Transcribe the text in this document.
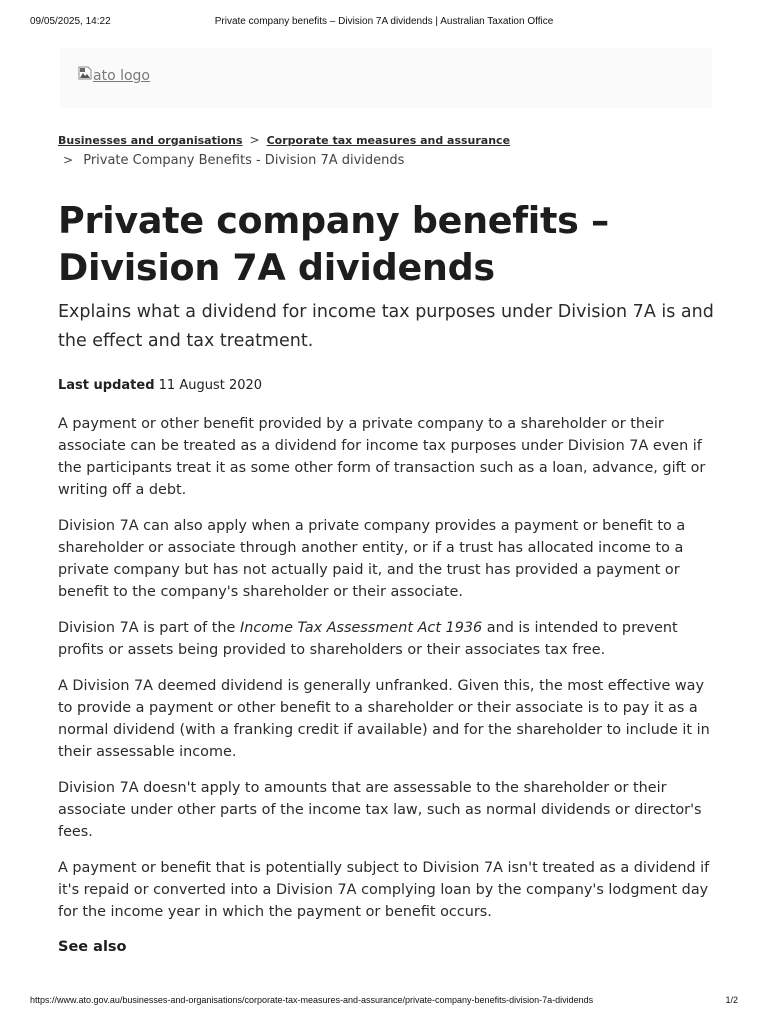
09/05/2025, 14:22	Private company benefits – Division 7A dividends | Australian Taxation Office
ato logo
Businesses and organisations > Corporate tax measures and assurance
> Private Company Benefits - Division 7A dividends
Private company benefits – Division 7A dividends

Explains what a dividend for income tax purposes under Division 7A is and the effect and tax treatment.

Last updated 11 August 2020

A payment or other benefit provided by a private company to a shareholder or their associate can be treated as a dividend for income tax purposes under Division 7A even if the participants treat it as some other form of transaction such as a loan, advance, gift or writing off a debt.

Division 7A can also apply when a private company provides a payment or benefit to a shareholder or associate through another entity, or if a trust has allocated income to a private company but has not actually paid it, and the trust has provided a payment or benefit to the company's shareholder or their associate.

Division 7A is part of the Income Tax Assessment Act 1936 and is intended to prevent profits or assets being provided to shareholders or their associates tax free.

A Division 7A deemed dividend is generally unfranked. Given this, the most effective way to provide a payment or other benefit to a shareholder or their associate is to pay it as a normal dividend (with a franking credit if available) and for the shareholder to include it in their assessable income.

Division 7A doesn't apply to amounts that are assessable to the shareholder or their associate under other parts of the income tax law, such as normal dividends or director's fees.

A payment or benefit that is potentially subject to Division 7A isn't treated as a dividend if it's repaid or converted into a Division 7A complying loan by the company's lodgment day for the income year in which the payment or benefit occurs.

See also
https://www.ato.gov.au/businesses-and-organisations/corporate-tax-measures-and-assurance/private-company-benefits-division-7a-dividends	1/2
